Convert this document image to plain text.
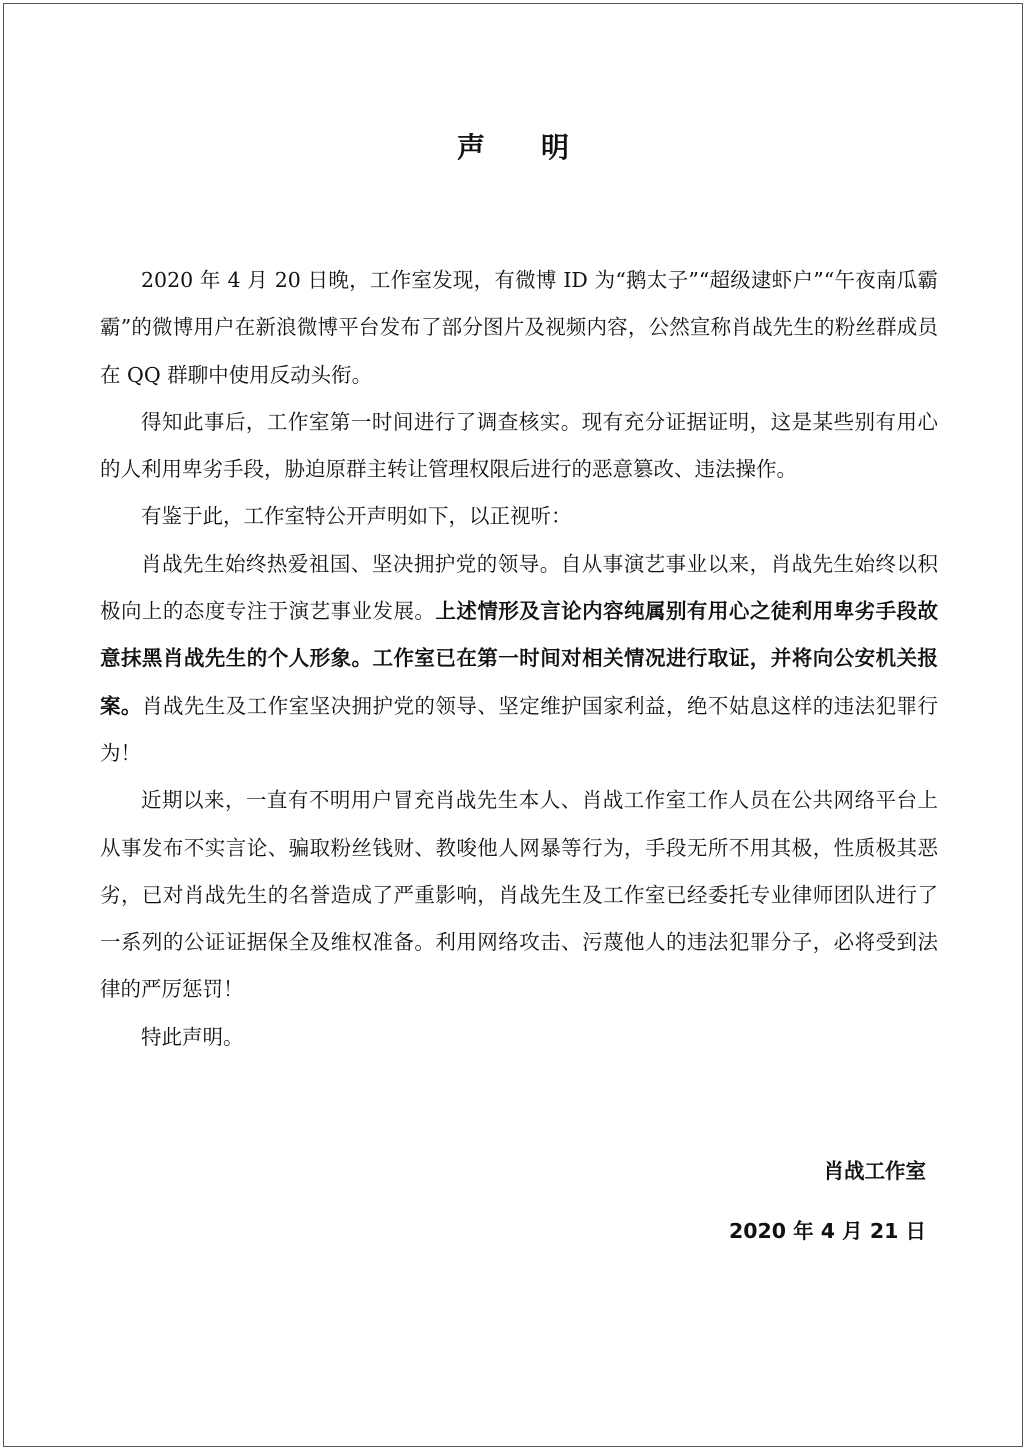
声明

2020 年 4 月 20 日晚，工作室发现，有微博 ID 为“鹅太子”“超级逮虾户”“午夜南瓜霸霸”的微博用户在新浪微博平台发布了部分图片及视频内容，公然宣称肖战先生的粉丝群成员在 QQ 群聊中使用反动头衔。

得知此事后，工作室第一时间进行了调查核实。现有充分证据证明，这是某些别有用心的人利用卑劣手段，胁迫原群主转让管理权限后进行的恶意篡改、违法操作。

有鉴于此，工作室特公开声明如下，以正视听：

肖战先生始终热爱祖国、坚决拥护党的领导。自从事演艺事业以来，肖战先生始终以积极向上的态度专注于演艺事业发展。上述情形及言论内容纯属别有用心之徒利用卑劣手段故意抹黑肖战先生的个人形象。工作室已在第一时间对相关情况进行取证，并将向公安机关报案。肖战先生及工作室坚决拥护党的领导、坚定维护国家利益，绝不姑息这样的违法犯罪行为！

近期以来，一直有不明用户冒充肖战先生本人、肖战工作室工作人员在公共网络平台上从事发布不实言论、骗取粉丝钱财、教唆他人网暴等行为，手段无所不用其极，性质极其恶劣，已对肖战先生的名誉造成了严重影响，肖战先生及工作室已经委托专业律师团队进行了一系列的公证证据保全及维权准备。利用网络攻击、污蔑他人的违法犯罪分子，必将受到法律的严厉惩罚！

特此声明。

肖战工作室
2020 年 4 月 21 日
